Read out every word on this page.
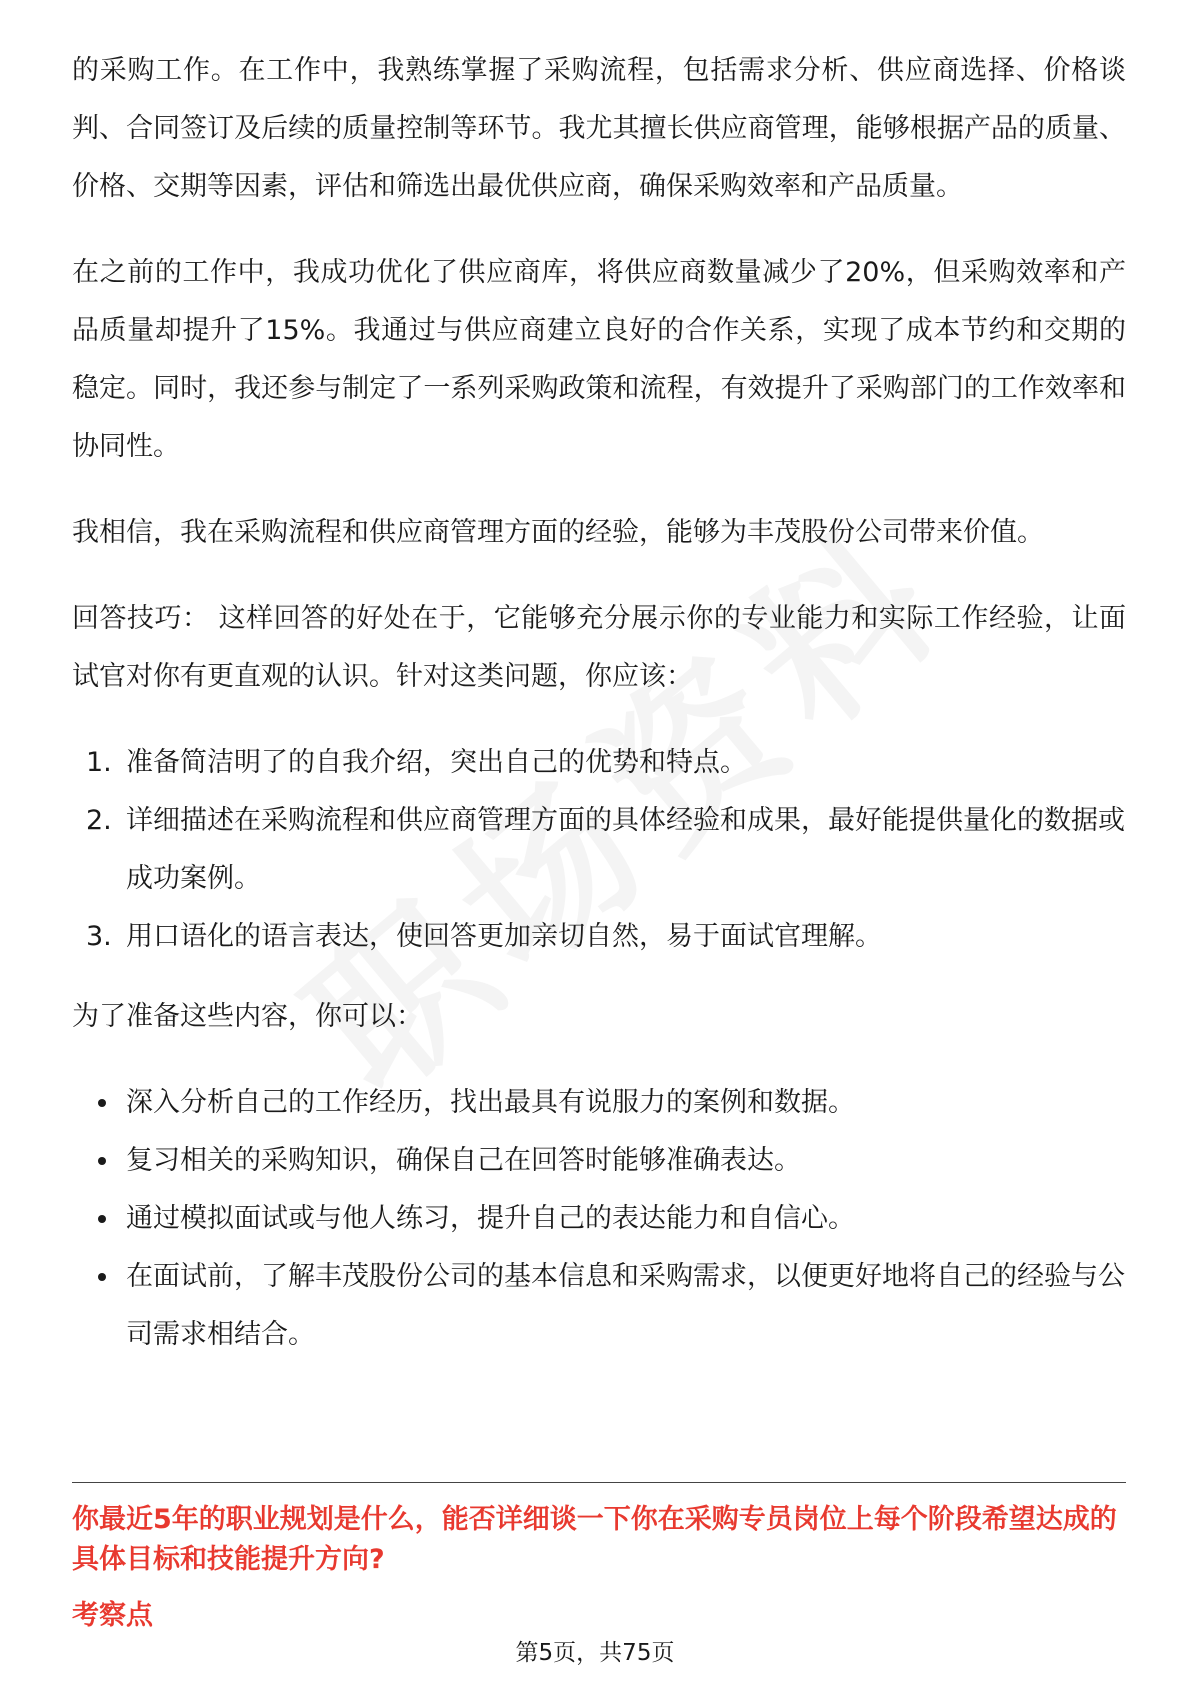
的采购工作。在工作中，我熟练掌握了采购流程，包括需求分析、供应商选择、价格谈判、合同签订及后续的质量控制等环节。我尤其擅长供应商管理，能够根据产品的质量、价格、交期等因素，评估和筛选出最优供应商，确保采购效率和产品质量。

在之前的工作中，我成功优化了供应商库，将供应商数量减少了20%，但采购效率和产品质量却提升了15%。我通过与供应商建立良好的合作关系，实现了成本节约和交期的稳定。同时，我还参与制定了一系列采购政策和流程，有效提升了采购部门的工作效率和协同性。

我相信，我在采购流程和供应商管理方面的经验，能够为丰茂股份公司带来价值。

回答技巧： 这样回答的好处在于，它能够充分展示你的专业能力和实际工作经验，让面试官对你有更直观的认识。针对这类问题，你应该：

1. 准备简洁明了的自我介绍，突出自己的优势和特点。
2. 详细描述在采购流程和供应商管理方面的具体经验和成果，最好能提供量化的数据或成功案例。
3. 用口语化的语言表达，使回答更加亲切自然，易于面试官理解。

为了准备这些内容，你可以：

深入分析自己的工作经历，找出最具有说服力的案例和数据。
复习相关的采购知识，确保自己在回答时能够准确表达。
通过模拟面试或与他人练习，提升自己的表达能力和自信心。
在面试前，了解丰茂股份公司的基本信息和采购需求，以便更好地将自己的经验与公司需求相结合。

你最近5年的职业规划是什么，能否详细谈一下你在采购专员岗位上每个阶段希望达成的具体目标和技能提升方向?

考察点

第5页，共75页
